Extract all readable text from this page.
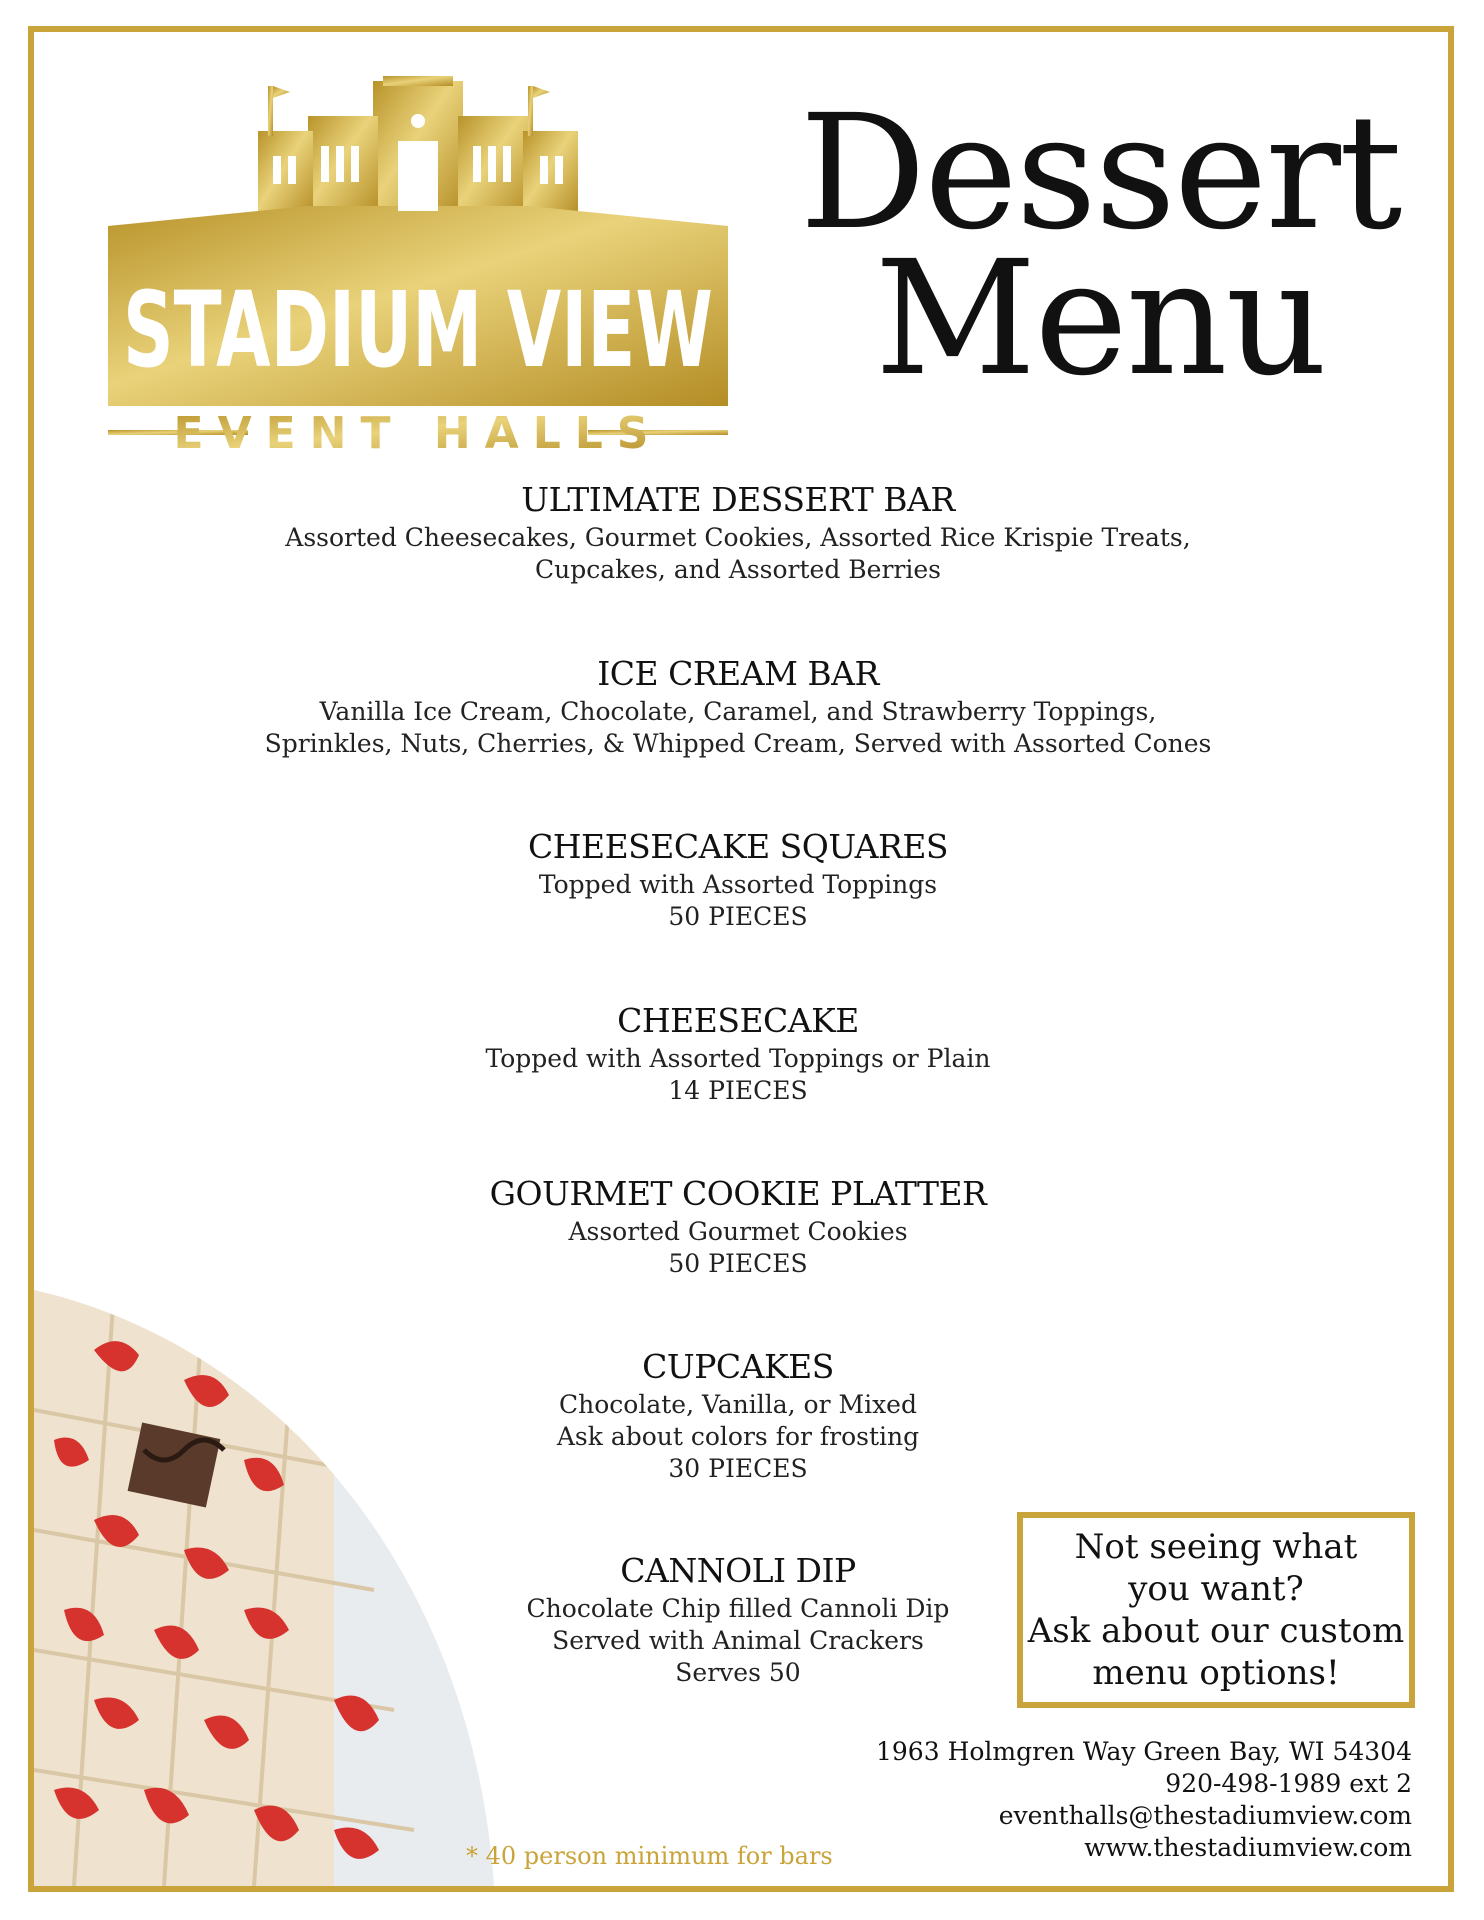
STADIUM VIEW
EVENT HALLS
Dessert
Menu
ULTIMATE DESSERT BAR

Assorted Cheesecakes, Gourmet Cookies, Assorted Rice Krispie Treats,

Cupcakes, and Assorted Berries

ICE CREAM BAR

Vanilla Ice Cream, Chocolate, Caramel, and Strawberry Toppings,

Sprinkles, Nuts, Cherries, & Whipped Cream, Served with Assorted Cones

CHEESECAKE SQUARES

Topped with Assorted Toppings

50 PIECES

CHEESECAKE

Topped with Assorted Toppings or Plain

14 PIECES

GOURMET COOKIE PLATTER

Assorted Gourmet Cookies

50 PIECES

CUPCAKES

Chocolate, Vanilla, or Mixed

Ask about colors for frosting

30 PIECES

CANNOLI DIP

Chocolate Chip filled Cannoli Dip

Served with Animal Crackers

Serves 50

Not seeing what
you want?
Ask about our custom
menu options!
1963 Holmgren Way Green Bay, WI 54304
920-498-1989 ext 2
eventhalls@thestadiumview.com
www.thestadiumview.com
* 40 person minimum for bars
